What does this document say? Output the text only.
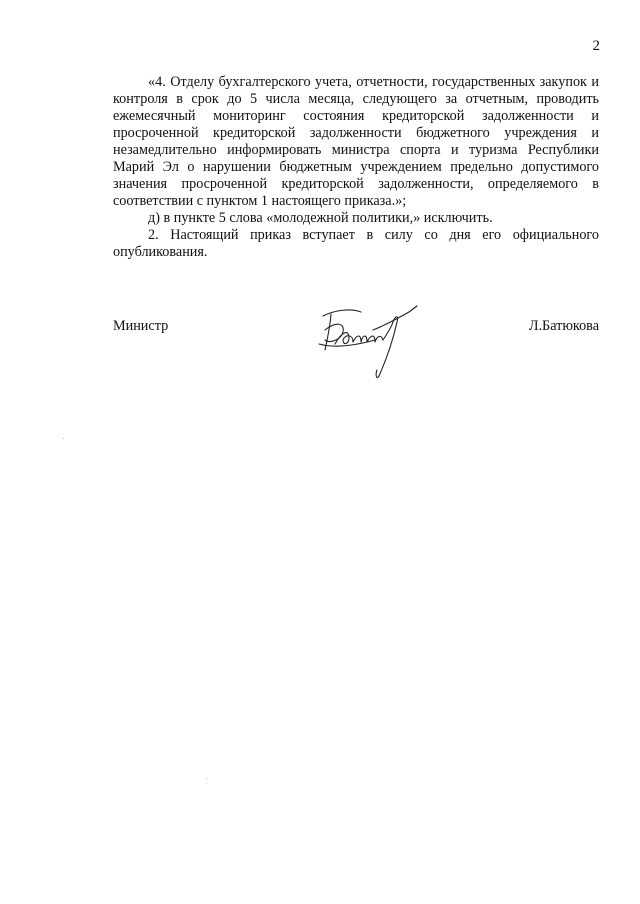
2

«4. Отделу бухгалтерского учета, отчетности, государственных закупок и контроля в срок до 5 числа месяца, следующего за отчетным, проводить ежемесячный мониторинг состояния кредиторской задолженности и просроченной кредиторской задолженности бюджетного учреждения и незамедлительно информировать министра спорта и туризма Республики Марий Эл о нарушении бюджетным учреждением предельно допустимого значения просроченной кредиторской задолженности, определяемого в соответствии с пунктом 1 настоящего приказа.»;

д) в пункте 5 слова «молодежной политики,» исключить.

2. Настоящий приказ вступает в силу со дня его официального опубликования.

Министр	Л.Батюкова
